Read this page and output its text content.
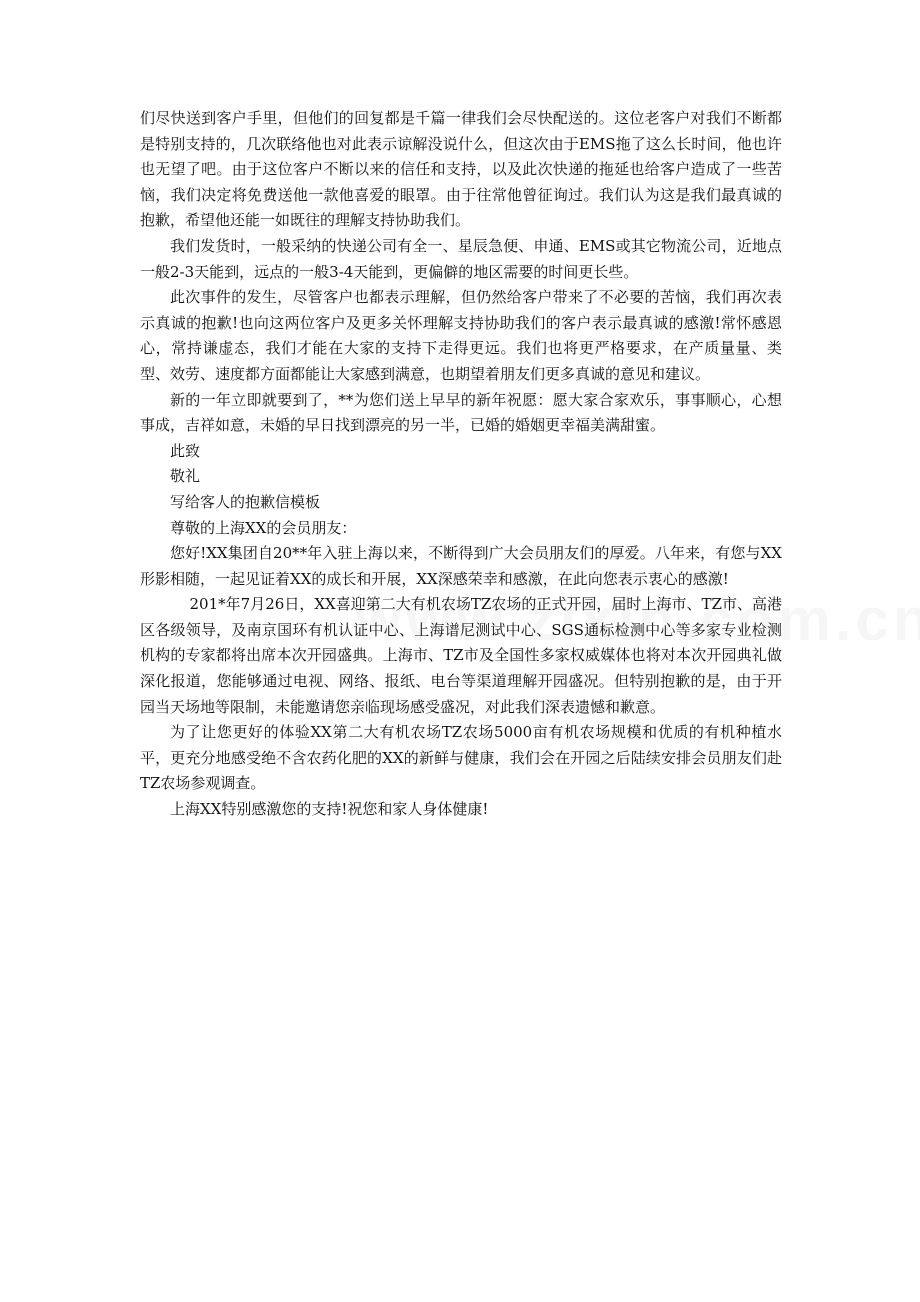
们尽快送到客户手里，但他们的回复都是千篇一律我们会尽快配送的。这位老客户对我们不断都是特别支持的，几次联络他也对此表示谅解没说什么，但这次由于EMS拖了这么长时间，他也许也无望了吧。由于这位客户不断以来的信任和支持，以及此次快递的拖延也给客户造成了一些苦恼，我们决定将免费送他一款他喜爱的眼罩。由于往常他曾征询过。我们认为这是我们最真诚的抱歉，希望他还能一如既往的理解支持协助我们。

我们发货时，一般采纳的快递公司有全一、星辰急便、申通、EMS或其它物流公司，近地点一般2-3天能到，远点的一般3-4天能到，更偏僻的地区需要的时间更长些。

此次事件的发生，尽管客户也都表示理解，但仍然给客户带来了不必要的苦恼，我们再次表示真诚的抱歉!也向这两位客户及更多关怀理解支持协助我们的客户表示最真诚的感激!常怀感恩心，常持谦虚态，我们才能在大家的支持下走得更远。我们也将更严格要求，在产质量量、类型、效劳、速度都方面都能让大家感到满意，也期望着朋友们更多真诚的意见和建议。

新的一年立即就要到了，**为您们送上早早的新年祝愿：愿大家合家欢乐，事事顺心，心想事成，吉祥如意，未婚的早日找到漂亮的另一半，已婚的婚姻更幸福美满甜蜜。

此致

敬礼

写给客人的抱歉信模板

尊敬的上海XX的会员朋友：

您好!XX集团自20**年入驻上海以来，不断得到广大会员朋友们的厚爱。八年来，有您与XX形影相随，一起见证着XX的成长和开展，XX深感荣幸和感激，在此向您表示衷心的感激!

201*年7月26日，XX喜迎第二大有机农场TZ农场的正式开园，届时上海市、TZ市、高港区各级领导，及南京国环有机认证中心、上海谱尼测试中心、SGS通标检测中心等多家专业检测机构的专家都将出席本次开园盛典。上海市、TZ市及全国性多家权威媒体也将对本次开园典礼做深化报道，您能够通过电视、网络、报纸、电台等渠道理解开园盛况。但特别抱歉的是，由于开园当天场地等限制，未能邀请您亲临现场感受盛况，对此我们深表遗憾和歉意。

为了让您更好的体验XX第二大有机农场TZ农场5000亩有机农场规模和优质的有机种植水平，更充分地感受绝不含农药化肥的XX的新鲜与健康，我们会在开园之后陆续安排会员朋友们赴TZ农场参观调查。

上海XX特别感激您的支持!祝您和家人身体健康!
